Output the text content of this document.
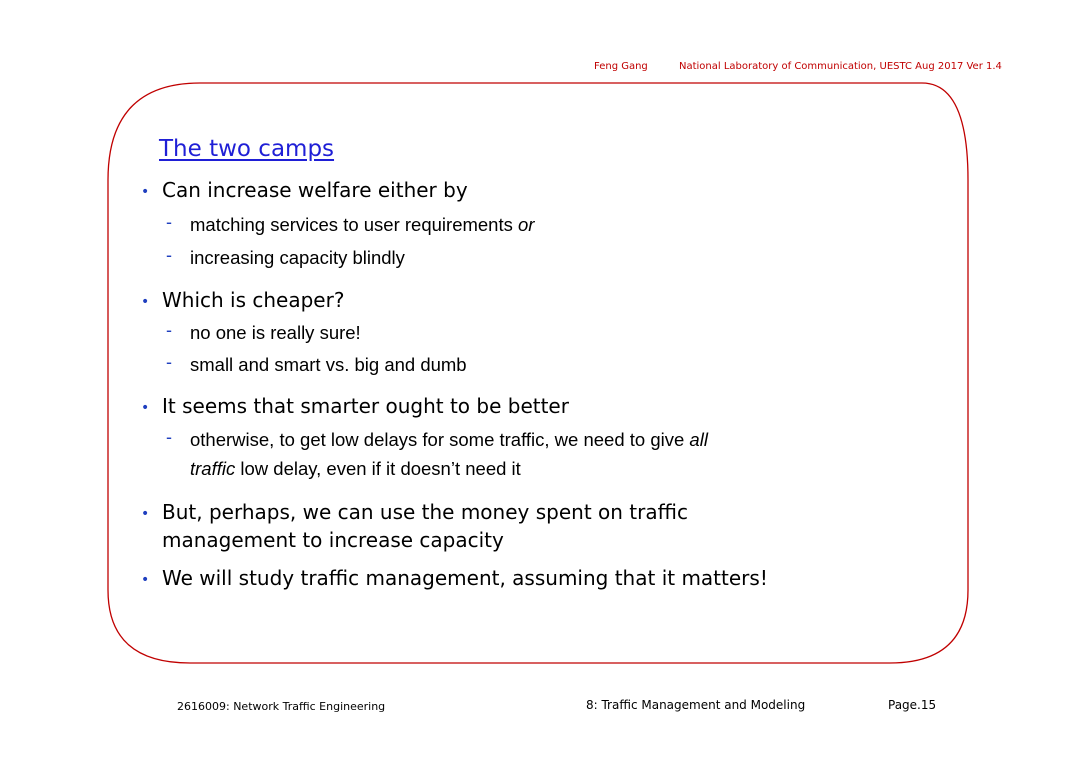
Feng Gang	National Laboratory of Communication, UESTC Aug 2017 Ver 1.4
The two camps
• Can increase welfare either by
- matching services to user requirements or
- increasing capacity blindly
• Which is cheaper?
- no one is really sure!
- small and smart vs. big and dumb
• It seems that smarter ought to be better
- otherwise, to get low delays for some traffic, we need to give all
traffic low delay, even if it doesn’t need it
• But, perhaps, we can use the money spent on traffic
management to increase capacity
• We will study traffic management, assuming that it matters!
2616009: Network Traffic Engineering	8: Traffic Management and Modeling	Page.15
